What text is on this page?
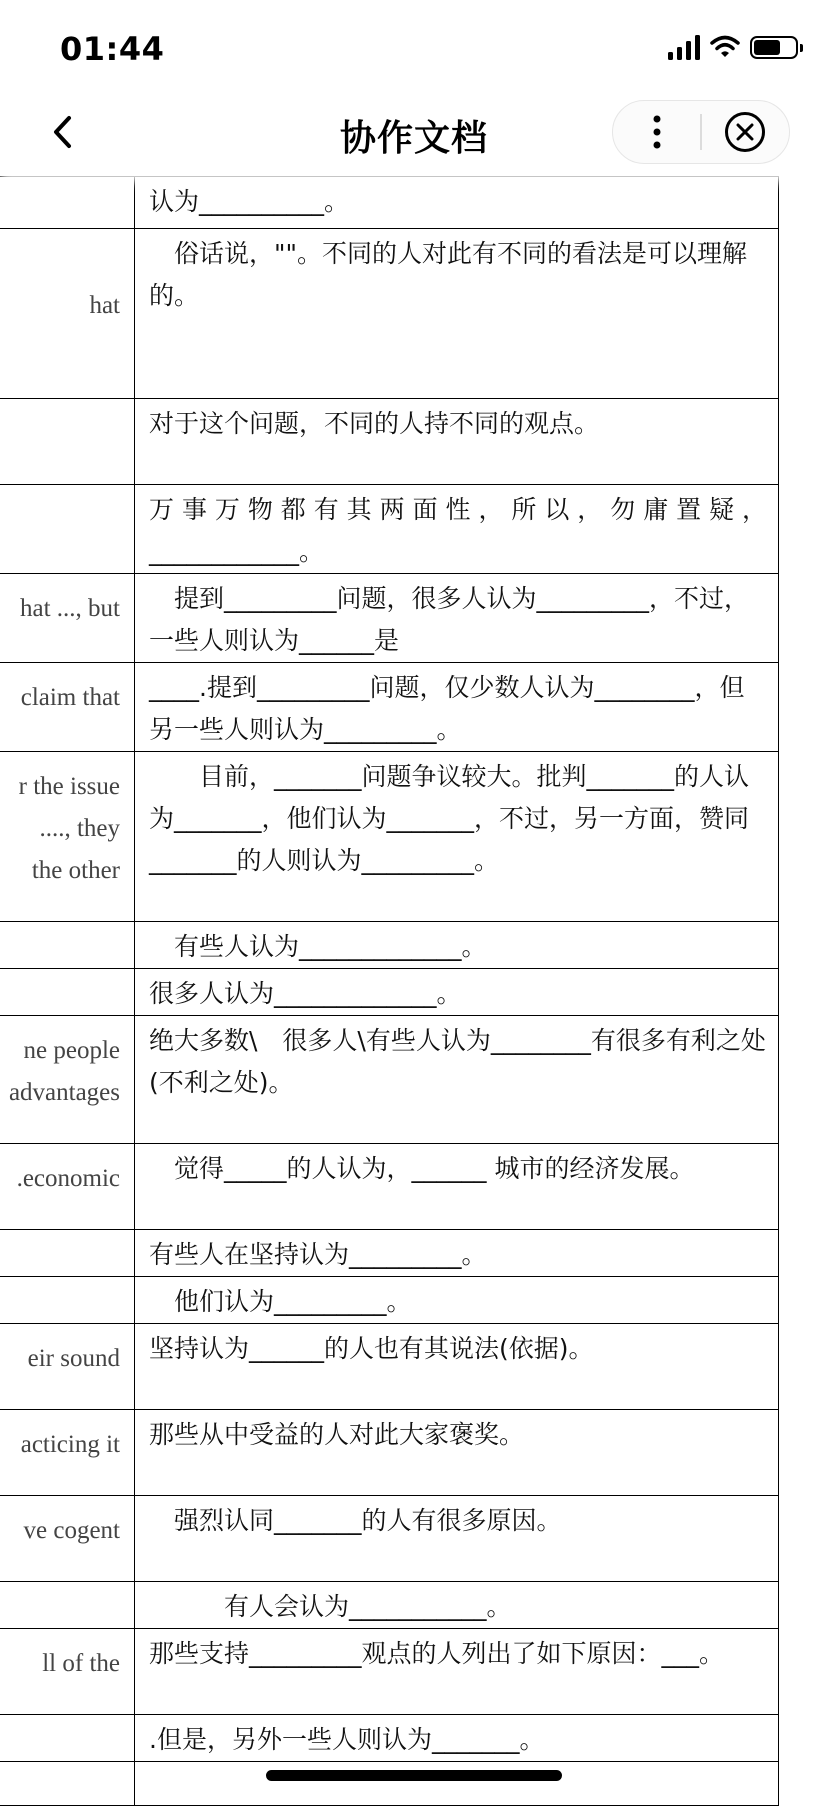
01:44
协作文档
	认为__________。

hat	　俗话说，""。不同的人对此有不同的看法是可以理解的。
	对于这个问题，不同的人持不同的观点。
	万 事 万 物 都 有 其 两 面 性 ， 所 以 ， 勿 庸 置 疑 ，____________。

hat ..., but	　提到_________问题，很多人认为_________，不过，一些人则认为______是

claim that	____.提到_________问题，仅少数人认为________，但另一些人则认为_________。

r the issue
...., they
the other	　　目前，_______问题争议较大。批判_______的人认为_______，他们认为_______，不过，另一方面，赞同_______的人则认为_________。
	　有些人认为_____________。
	很多人认为_____________。

ne people
advantages	绝大多数\　很多人\有些人认为________有很多有利之处(不利之处)。

.economic	　觉得_____的人认为，______ 城市的经济发展。
	有些人在坚持认为_________。
	　他们认为_________。

eir sound	坚持认为______的人也有其说法(依据)。

acticing it	那些从中受益的人对此大家褒奖。

ve cogent	　强烈认同_______的人有很多原因。
	　　　有人会认为___________。

ll of the	那些支持_________观点的人列出了如下原因：___。
	.但是，另外一些人则认为_______。
